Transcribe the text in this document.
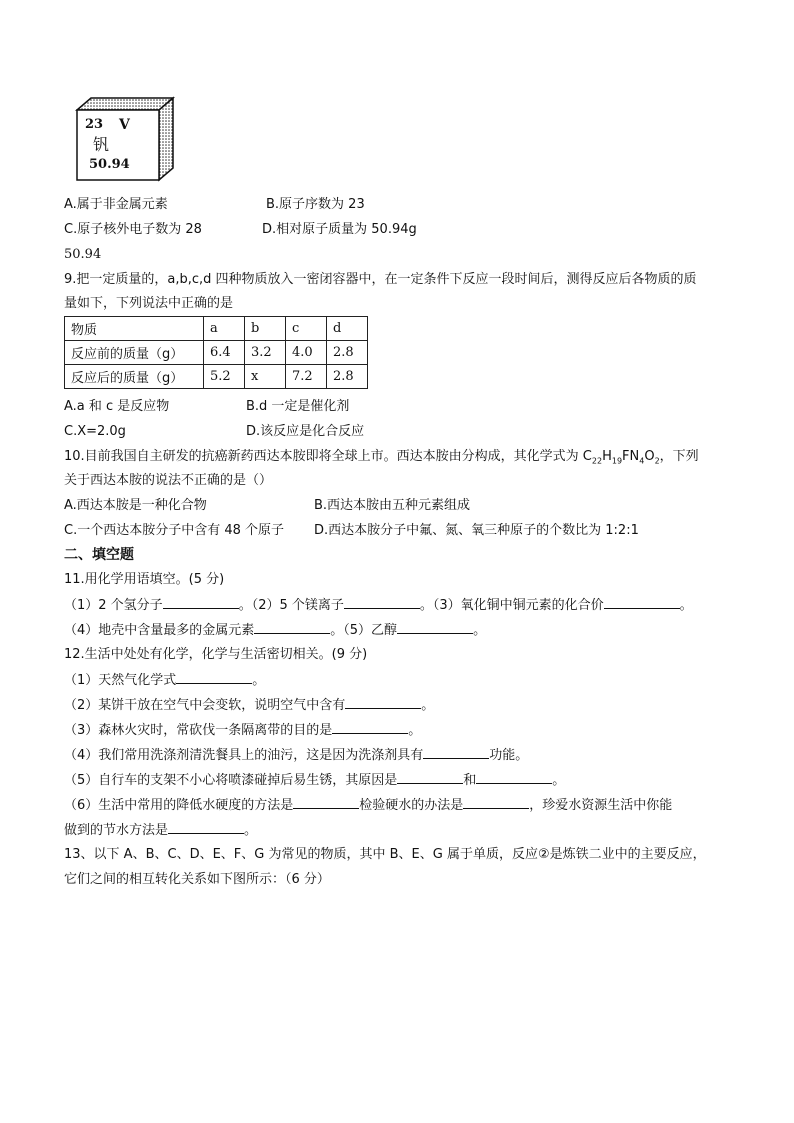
23 V
钒
50.94
A.属于非金属元素	B.原子序数为 23
C.原子核外电子数为 28	D.相对原子质量为 50.94g
50.94
9.把一定质量的，a,b,c,d 四种物质放入一密闭容器中，在一定条件下反应一段时间后，测得反应后各物质的质
量如下，下列说法中正确的是
物质	a	b	c	d
反应前的质量（g）	6.4	3.2	4.0	2.8
反应后的质量（g）	5.2	x	7.2	2.8
A.a 和 c 是反应物	B.d 一定是催化剂
C.X=2.0g	D.该反应是化合反应
10.目前我国自主研发的抗癌新药西达本胺即将全球上市。西达本胺由分构成，其化学式为 $C_{22}H_{19}FN_4O_2$，下列
关于西达本胺的说法不正确的是（）
A.西达本胺是一种化合物	B.西达本胺由五种元素组成
C.一个西达本胺分子中含有 48 个原子 D.西达本胺分子中氟、氮、氧三种原子的个数比为 1:2:1
二、填空题
11.用化学用语填空。(5 分)
（1）2 个氢分子	。（2）5 个镁离子	。（3）氧化铜中铜元素的化合价	。
（4）地壳中含量最多的金属元素	。（5）乙醇	。
12.生活中处处有化学，化学与生活密切相关。(9 分)
（1）天然气化学式	。
（2）某饼干放在空气中会变软，说明空气中含有	。
（3）森林火灾时，常砍伐一条隔离带的目的是	。
（4）我们常用洗涤剂清洗餐具上的油污，这是因为洗涤剂具有	功能。
（5）自行车的支架不小心将喷漆碰掉后易生锈，其原因是	和	。
（6）生活中常用的降低水硬度的方法是	检验硬水的办法是	，珍爱水资源生活中你能
做到的节水方法是	。
13、以下 A、B、C、D、E、F、G 为常见的物质，其中 B、E、G 属于单质，反应②是炼铁二业中的主要反应，
它们之间的相互转化关系如下图所示：（6 分）
